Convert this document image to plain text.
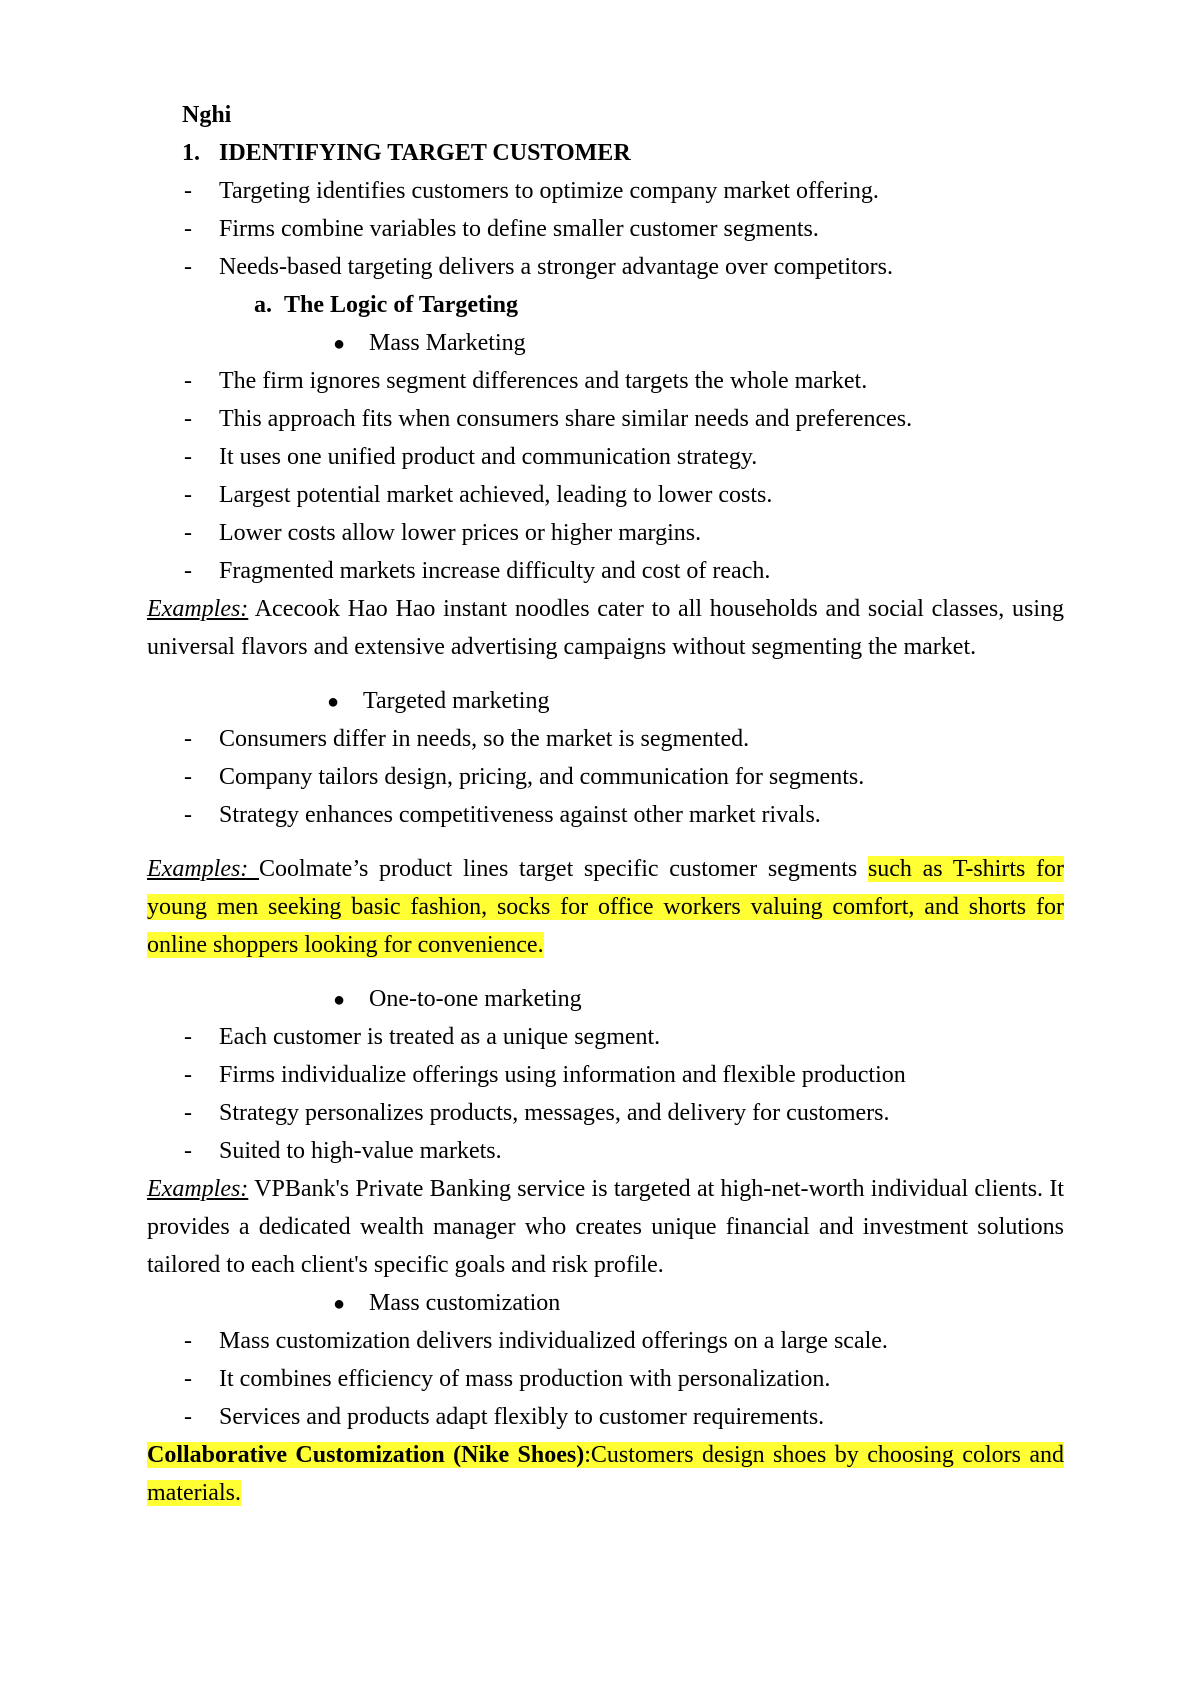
Nghi
1. IDENTIFYING TARGET CUSTOMER
- Targeting identifies customers to optimize company market offering.
- Firms combine variables to define smaller customer segments.
- Needs-based targeting delivers a stronger advantage over competitors.
a. The Logic of Targeting
● Mass Marketing
- The firm ignores segment differences and targets the whole market.
- This approach fits when consumers share similar needs and preferences.
- It uses one unified product and communication strategy.
- Largest potential market achieved, leading to lower costs.
- Lower costs allow lower prices or higher margins.
- Fragmented markets increase difficulty and cost of reach.

Examples: Acecook Hao Hao instant noodles cater to all households and social classes, using universal flavors and extensive advertising campaigns without segmenting the market.

● Targeted marketing
- Consumers differ in needs, so the market is segmented.
- Company tailors design, pricing, and communication for segments.
- Strategy enhances competitiveness against other market rivals.

Examples: Coolmate’s product lines target specific customer segments such as T-shirts for young men seeking basic fashion, socks for office workers valuing comfort, and shorts for online shoppers looking for convenience.

● One-to-one marketing
- Each customer is treated as a unique segment.
- Firms individualize offerings using information and flexible production
- Strategy personalizes products, messages, and delivery for customers.
- Suited to high-value markets.

Examples: VPBank's Private Banking service is targeted at high-net-worth individual clients. It provides a dedicated wealth manager who creates unique financial and investment solutions tailored to each client's specific goals and risk profile.

● Mass customization
- Mass customization delivers individualized offerings on a large scale.
- It combines efficiency of mass production with personalization.
- Services and products adapt flexibly to customer requirements.

Collaborative Customization (Nike Shoes):Customers design shoes by choosing colors and materials.
